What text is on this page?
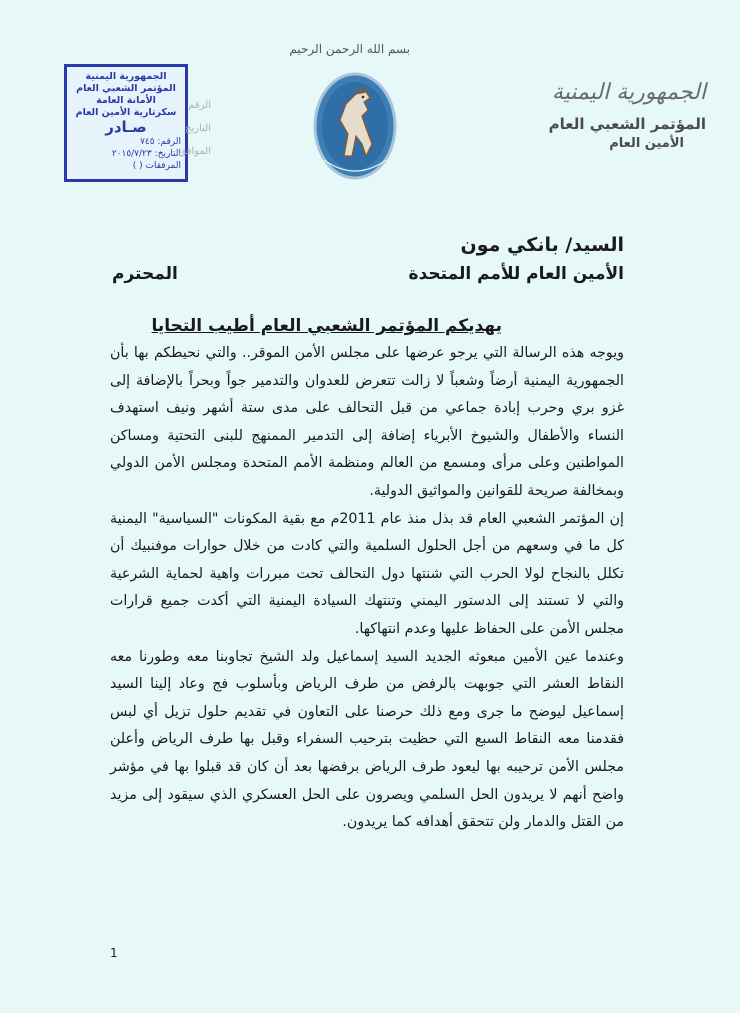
الجمهورية اليمنية
المؤتمر الشعبي العام
الأمانة العامة
سكرتارية الأمين العام
صـادر
الرقم: ٧٤٥
التاريخ: ٢٠١٥/٧/٢٣
المرفقات ( )
الرقم
التاريخ
الموافق
بسم الله الرحمن الرحيم
الجمهورية اليمنية
المؤتمر الشعبي العام
الأمين العام
السيد/ بانكي مون
الأمين العام للأمم المتحدة
المحترم
يهديكم المؤتمر الشعبي العام أطيب التحايا

ويوجه هذه الرسالة التي يرجو عرضها على مجلس الأمن الموقر.. والتي نحيطكم بها بأن الجمهورية اليمنية أرضاً وشعباً لا زالت تتعرض للعدوان والتدمير جواً وبحراً بالإضافة إلى غزو بري وحرب إبادة جماعي من قبل التحالف على مدى ستة أشهر ونيف استهدف النساء والأطفال والشيوخ الأبرياء إضافة إلى التدمير الممنهج للبنى التحتية ومساكن المواطنين وعلى مرأى ومسمع من العالم ومنظمة الأمم المتحدة ومجلس الأمن الدولي وبمخالفة صريحة للقوانين والمواثيق الدولية.

إن المؤتمر الشعبي العام قد بذل منذ عام 2011م مع بقية المكونات "السياسية" اليمنية كل ما في وسعهم من أجل الحلول السلمية والتي كادت من خلال حوارات موفنبيك أن تكلل بالنجاح لولا الحرب التي شنتها دول التحالف تحت مبررات واهية لحماية الشرعية والتي لا تستند إلى الدستور اليمني وتنتهك السيادة اليمنية التي أكدت جميع قرارات مجلس الأمن على الحفاظ عليها وعدم انتهاكها.

وعندما عين الأمين مبعوثه الجديد السيد إسماعيل ولد الشيخ تجاوبنا معه وطورنا معه النقاط العشر التي جوبهت بالرفض من طرف الرياض وبأسلوب فج وعاد إلينا السيد إسماعيل ليوضح ما جرى ومع ذلك حرصنا على التعاون في تقديم حلول تزيل أي لبس فقدمنا معه النقاط السبع التي حظيت بترحيب السفراء وقبل بها طرف الرياض وأعلن مجلس الأمن ترحيبه بها ليعود طرف الرياض برفضها بعد أن كان قد قبلوا بها في مؤشر واضح أنهم لا يريدون الحل السلمي ويصرون على الحل العسكري الذي سيقود إلى مزيد من القتل والدمار ولن تتحقق أهدافه كما يريدون.

1
